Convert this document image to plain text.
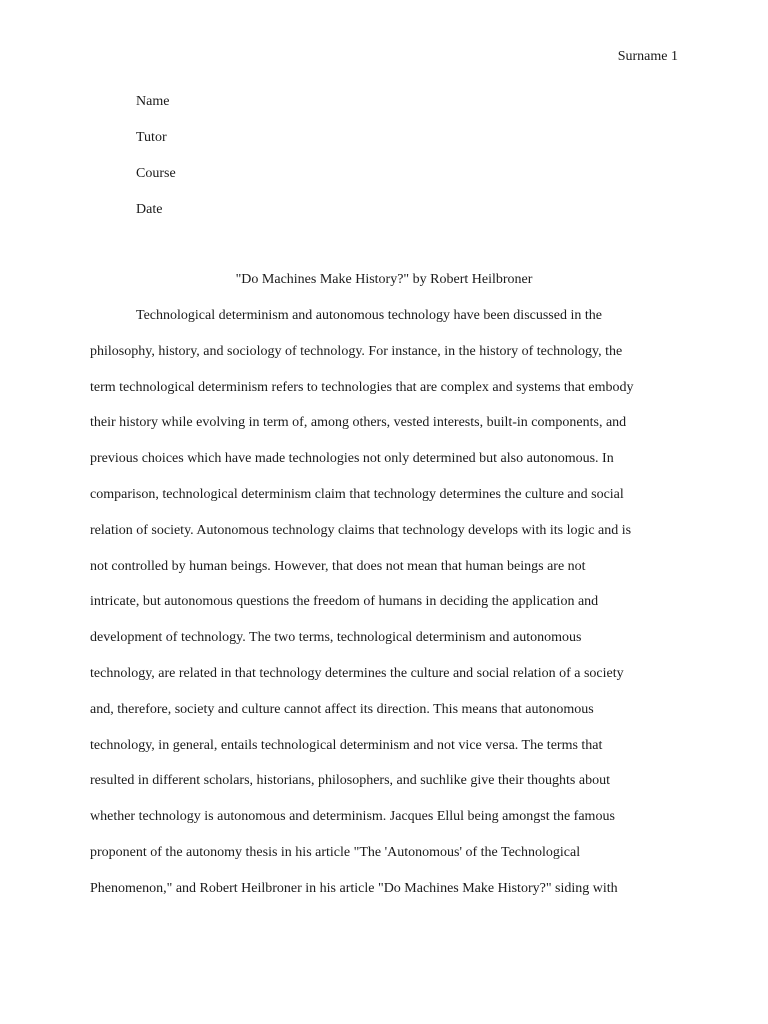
Surname 1
Name
Tutor
Course
Date
"Do Machines Make History?" by Robert Heilbroner
Technological determinism and autonomous technology have been discussed in the
philosophy, history, and sociology of technology. For instance, in the history of technology, the
term technological determinism refers to technologies that are complex and systems that embody
their history while evolving in term of, among others, vested interests, built-in components, and
previous choices which have made technologies not only determined but also autonomous. In
comparison, technological determinism claim that technology determines the culture and social
relation of society. Autonomous technology claims that technology develops with its logic and is
not controlled by human beings. However, that does not mean that human beings are not
intricate, but autonomous questions the freedom of humans in deciding the application and
development of technology. The two terms, technological determinism and autonomous
technology, are related in that technology determines the culture and social relation of a society
and, therefore, society and culture cannot affect its direction. This means that autonomous
technology, in general, entails technological determinism and not vice versa. The terms that
resulted in different scholars, historians, philosophers, and suchlike give their thoughts about
whether technology is autonomous and determinism. Jacques Ellul being amongst the famous
proponent of the autonomy thesis in his article "The 'Autonomous' of the Technological
Phenomenon," and Robert Heilbroner in his article "Do Machines Make History?" siding with
